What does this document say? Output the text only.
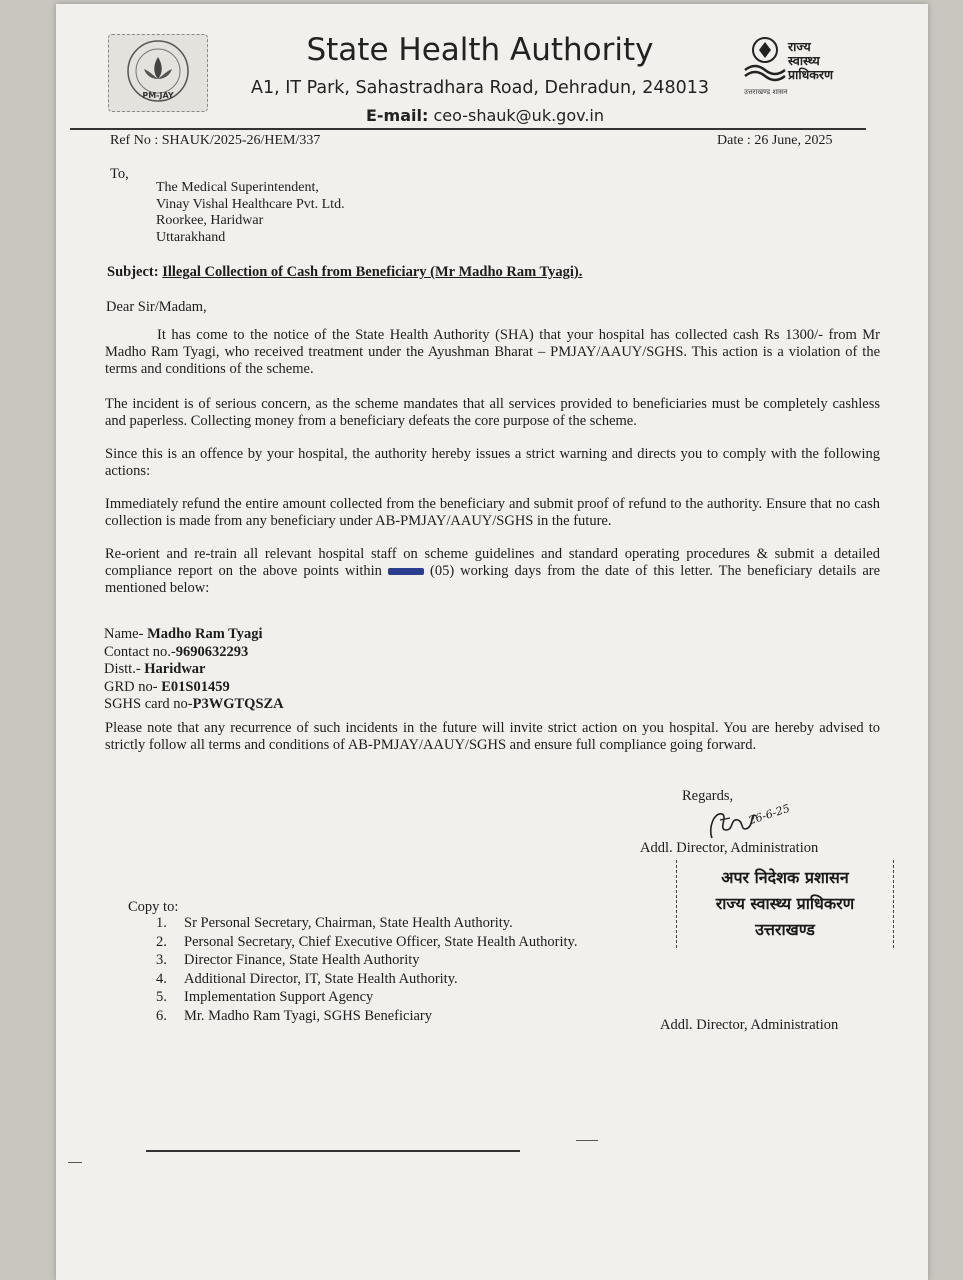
PM-JAY
State Health Authority
A1, IT Park, Sahastradhara Road, Dehradun, 248013
E-mail: ceo-shauk@uk.gov.in
राज्य
स्वास्थ्य
प्राधिकरण
उत्तराखण्ड शासन
Ref No : SHAUK/2025-26/HEM/337	Date : 26 June, 2025
To,
The Medical Superintendent,
Vinay Vishal Healthcare Pvt. Ltd.
Roorkee, Haridwar
Uttarakhand
Subject: Illegal Collection of Cash from Beneficiary (Mr Madho Ram Tyagi).
Dear Sir/Madam,
It has come to the notice of the State Health Authority (SHA) that your hospital has collected cash Rs 1300/- from Mr Madho Ram Tyagi, who received treatment under the Ayushman Bharat – PMJAY/AAUY/SGHS. This action is a violation of the terms and conditions of the scheme.
The incident is of serious concern, as the scheme mandates that all services provided to beneficiaries must be completely cashless and paperless. Collecting money from a beneficiary defeats the core purpose of the scheme.
Since this is an offence by your hospital, the authority hereby issues a strict warning and directs you to comply with the following actions:
Immediately refund the entire amount collected from the beneficiary and submit proof of refund to the authority. Ensure that no cash collection is made from any beneficiary under AB-PMJAY/AAUY/SGHS in the future.
Re-orient and re-train all relevant hospital staff on scheme guidelines and standard operating procedures & submit a detailed compliance report on the above points within	(05) working days from the date of this letter. The beneficiary details are mentioned below:
Name- Madho Ram Tyagi
Contact no.-9690632293
Distt.- Haridwar
GRD no- E01S01459
SGHS card no-P3WGTQSZA
Please note that any recurrence of such incidents in the future will invite strict action on you hospital. You are hereby advised to strictly follow all terms and conditions of AB-PMJAY/AAUY/SGHS and ensure full compliance going forward.
Regards,
26-6-25
Addl. Director, Administration
अपर निदेशक प्रशासन
राज्य स्वास्थ्य प्राधिकरण
उत्तराखण्ड
Copy to:
1. Sr Personal Secretary, Chairman, State Health Authority.
2. Personal Secretary, Chief Executive Officer, State Health Authority.
3. Director Finance, State Health Authority
4. Additional Director, IT, State Health Authority.
5. Implementation Support Agency
6. Mr. Madho Ram Tyagi, SGHS Beneficiary
Addl. Director, Administration
